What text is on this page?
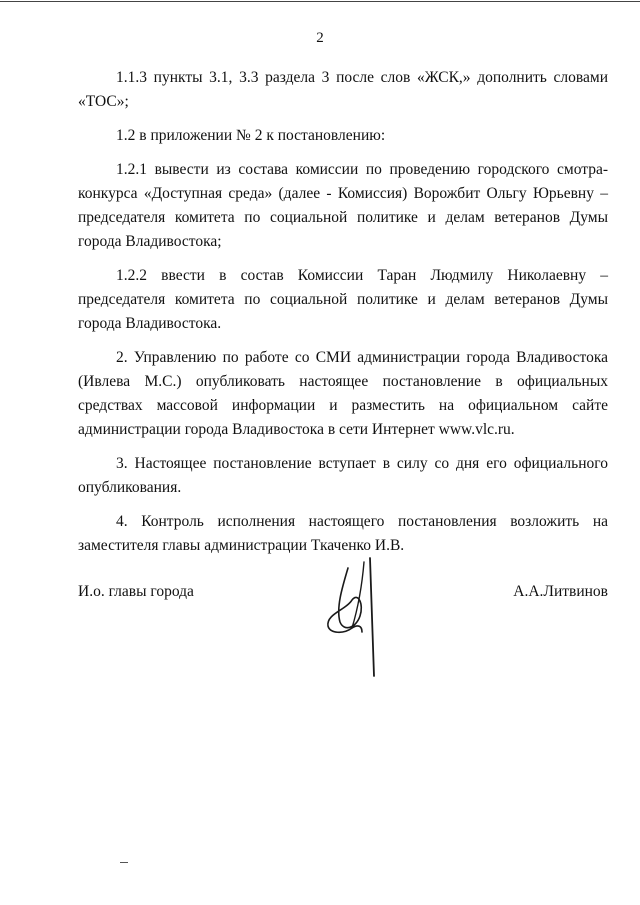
2

1.1.3 пункты 3.1, 3.3 раздела 3 после слов «ЖСК,» дополнить словами «ТОС»;

1.2 в приложении № 2 к постановлению:

1.2.1 вывести из состава комиссии по проведению городского смотра-конкурса «Доступная среда» (далее - Комиссия) Ворожбит Ольгу Юрьевну – председателя комитета по социальной политике и делам ветеранов Думы города Владивостока;

1.2.2 ввести в состав Комиссии Таран Людмилу Николаевну – председателя комитета по социальной политике и делам ветеранов Думы города Владивостока.

2. Управлению по работе со СМИ администрации города Владивостока (Ивлева М.С.) опубликовать настоящее постановление в официальных средствах массовой информации и разместить на официальном сайте администрации города Владивостока в сети Интернет www.vlc.ru.

3. Настоящее постановление вступает в силу со дня его официального опубликования.

4. Контроль исполнения настоящего постановления возложить на заместителя главы администрации Ткаченко И.В.

И.о. главы города	А.А.Литвинов
